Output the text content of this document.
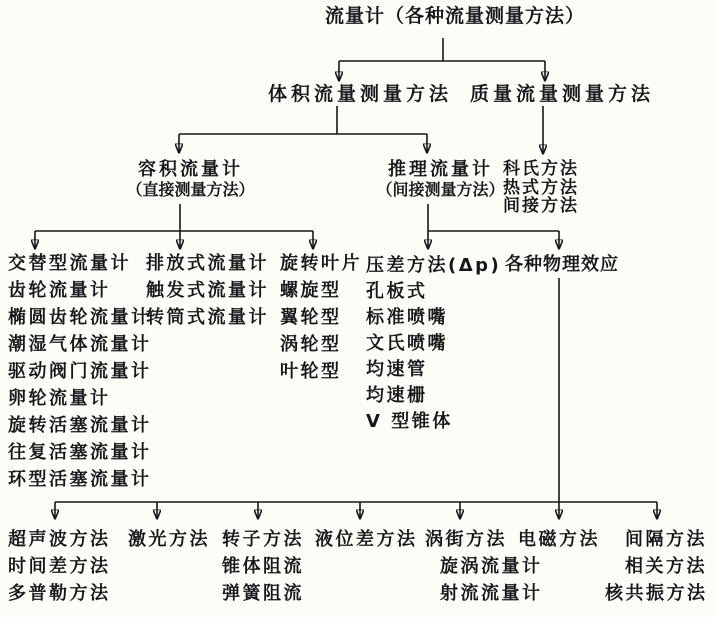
流量计（各种流量测量方法）
体积流量测量方法 质量流量测量方法
容积流量计
（直接测量方法）
推理流量计
（间接测量方法）
科氏方法
热式方法
间接方法
交替型流量计
齿轮流量计
椭圆齿轮流量计
潮湿气体流量计
驱动阀门流量计
卵轮流量计
旋转活塞流量计
往复活塞流量计
环型活塞流量计
排放式流量计
触发式流量计
转筒式流量计
旋转叶片
螺旋型
翼轮型
涡轮型
叶轮型
压差方法(Δp)
孔板式
标准喷嘴
文氏喷嘴
均速管
均速栅
V 型锥体
各种物理效应
超声波方法
时间差方法
多普勒方法
激光方法 转子方法
锥体阻流
弹簧阻流
液位差方法 涡街方法
旋涡流量计
射流流量计
电磁方法	间隔方法
相关方法
核共振方法
